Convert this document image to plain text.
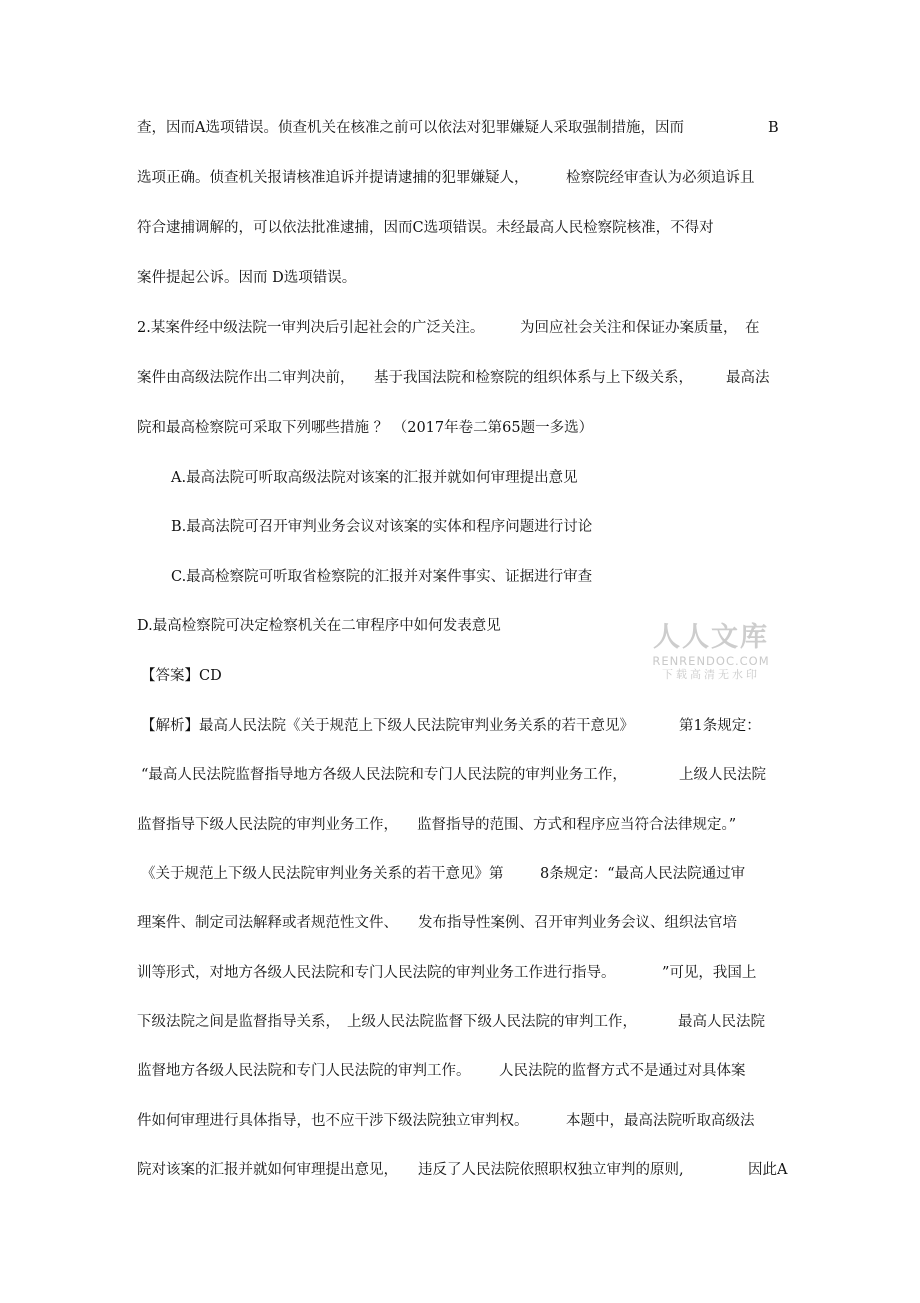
查，因而A选项错误。侦查机关在核准之前可以依法对犯罪嫌疑人采取强制措施，因而	B
选项正确。侦查机关报请核准追诉并提请逮捕的犯罪嫌疑人，	检察院经审查认为必须追诉且
符合逮捕调解的，可以依法批准逮捕，因而C选项错误。未经最高人民检察院核准，不得对
案件提起公诉。因而 D选项错误。
2.某案件经中级法院一审判决后引起社会的广泛关注。 为回应社会关注和保证办案质量， 在
案件由高级法院作出二审判决前， 基于我国法院和检察院的组织体系与上下级关系， 最高法
院和最高检察院可采取下列哪些措施 ？ （2017年卷二第65题一多选）
A.最高法院可听取高级法院对该案的汇报并就如何审理提出意见
B.最高法院可召开审判业务会议对该案的实体和程序问题进行讨论
C.最高检察院可听取省检察院的汇报并对案件事实、证据进行审查
D.最高检察院可决定检察机关在二审程序中如何发表意见
【答案】CD
【解析】最高人民法院《关于规范上下级人民法院审判业务关系的若干意见》	第1条规定：
“最高人民法院监督指导地方各级人民法院和专门人民法院的审判业务工作，	上级人民法院
监督指导下级人民法院的审判业务工作， 监督指导的范围、方式和程序应当符合法律规定。”
《关于规范上下级人民法院审判业务关系的若干意见》第	8条规定：“最高人民法院通过审
理案件、制定司法解释或者规范性文件、 发布指导性案例、召开审判业务会议、组织法官培
训等形式，对地方各级人民法院和专门人民法院的审判业务工作进行指导。	”可见，我国上
下级法院之间是监督指导关系， 上级人民法院监督下级人民法院的审判工作，	最高人民法院
监督地方各级人民法院和专门人民法院的审判工作。 人民法院的监督方式不是通过对具体案
件如何审理进行具体指导，也不应干涉下级法院独立审判权。	本题中，最高法院听取高级法
院对该案的汇报并就如何审理提出意见， 违反了人民法院依照职权独立审判的原则,	因此A
人人文库
RENRENDOC.COM
下载高清无水印
